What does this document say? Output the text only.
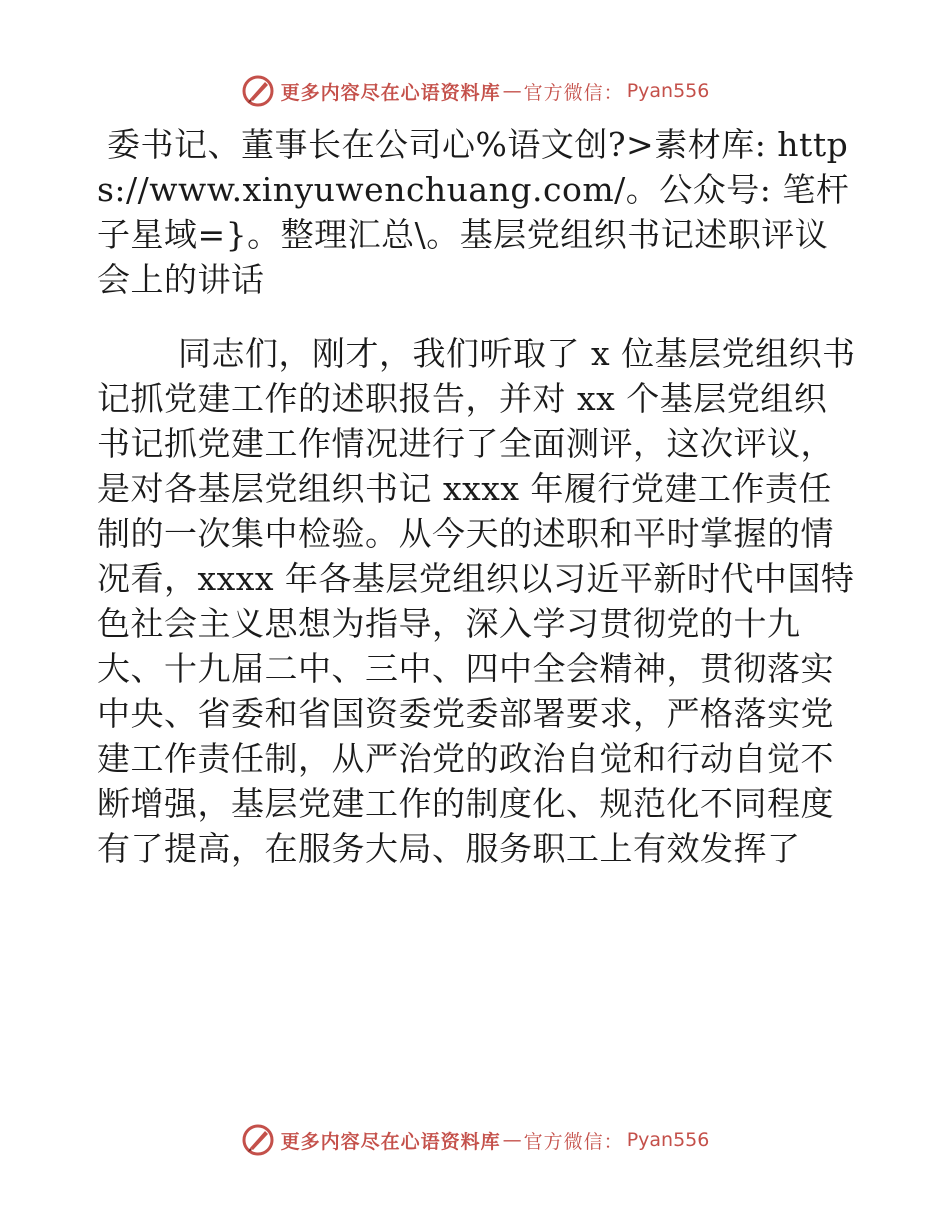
更多内容尽在心语资料库 — 官方微信 ： Pyan556

委书记、董事长在公司心%语文创?>素材库: https://www.xinyuwenchuang.com/。公众号: 笔杆子星域=}。整理汇总\。基层党组织书记述职评议会上的讲话

同志们，刚才，我们听取了 x 位基层党组织书记抓党建工作的述职报告，并对 xx 个基层党组织书记抓党建工作情况进行了全面测评，这次评议，是对各基层党组织书记 xxxx 年履行党建工作责任制的一次集中检验。从今天的述职和平时掌握的情况看，xxxx 年各基层党组织以习近平新时代中国特色社会主义思想为指导，深入学习贯彻党的十九大、十九届二中、三中、四中全会精神，贯彻落实中央、省委和省国资委党委部署要求，严格落实党建工作责任制，从严治党的政治自觉和行动自觉不断增强，基层党建工作的制度化、规范化不同程度有了提高，在服务大局、服务职工上有效发挥了

更多内容尽在心语资料库 — 官方微信 ： Pyan556
